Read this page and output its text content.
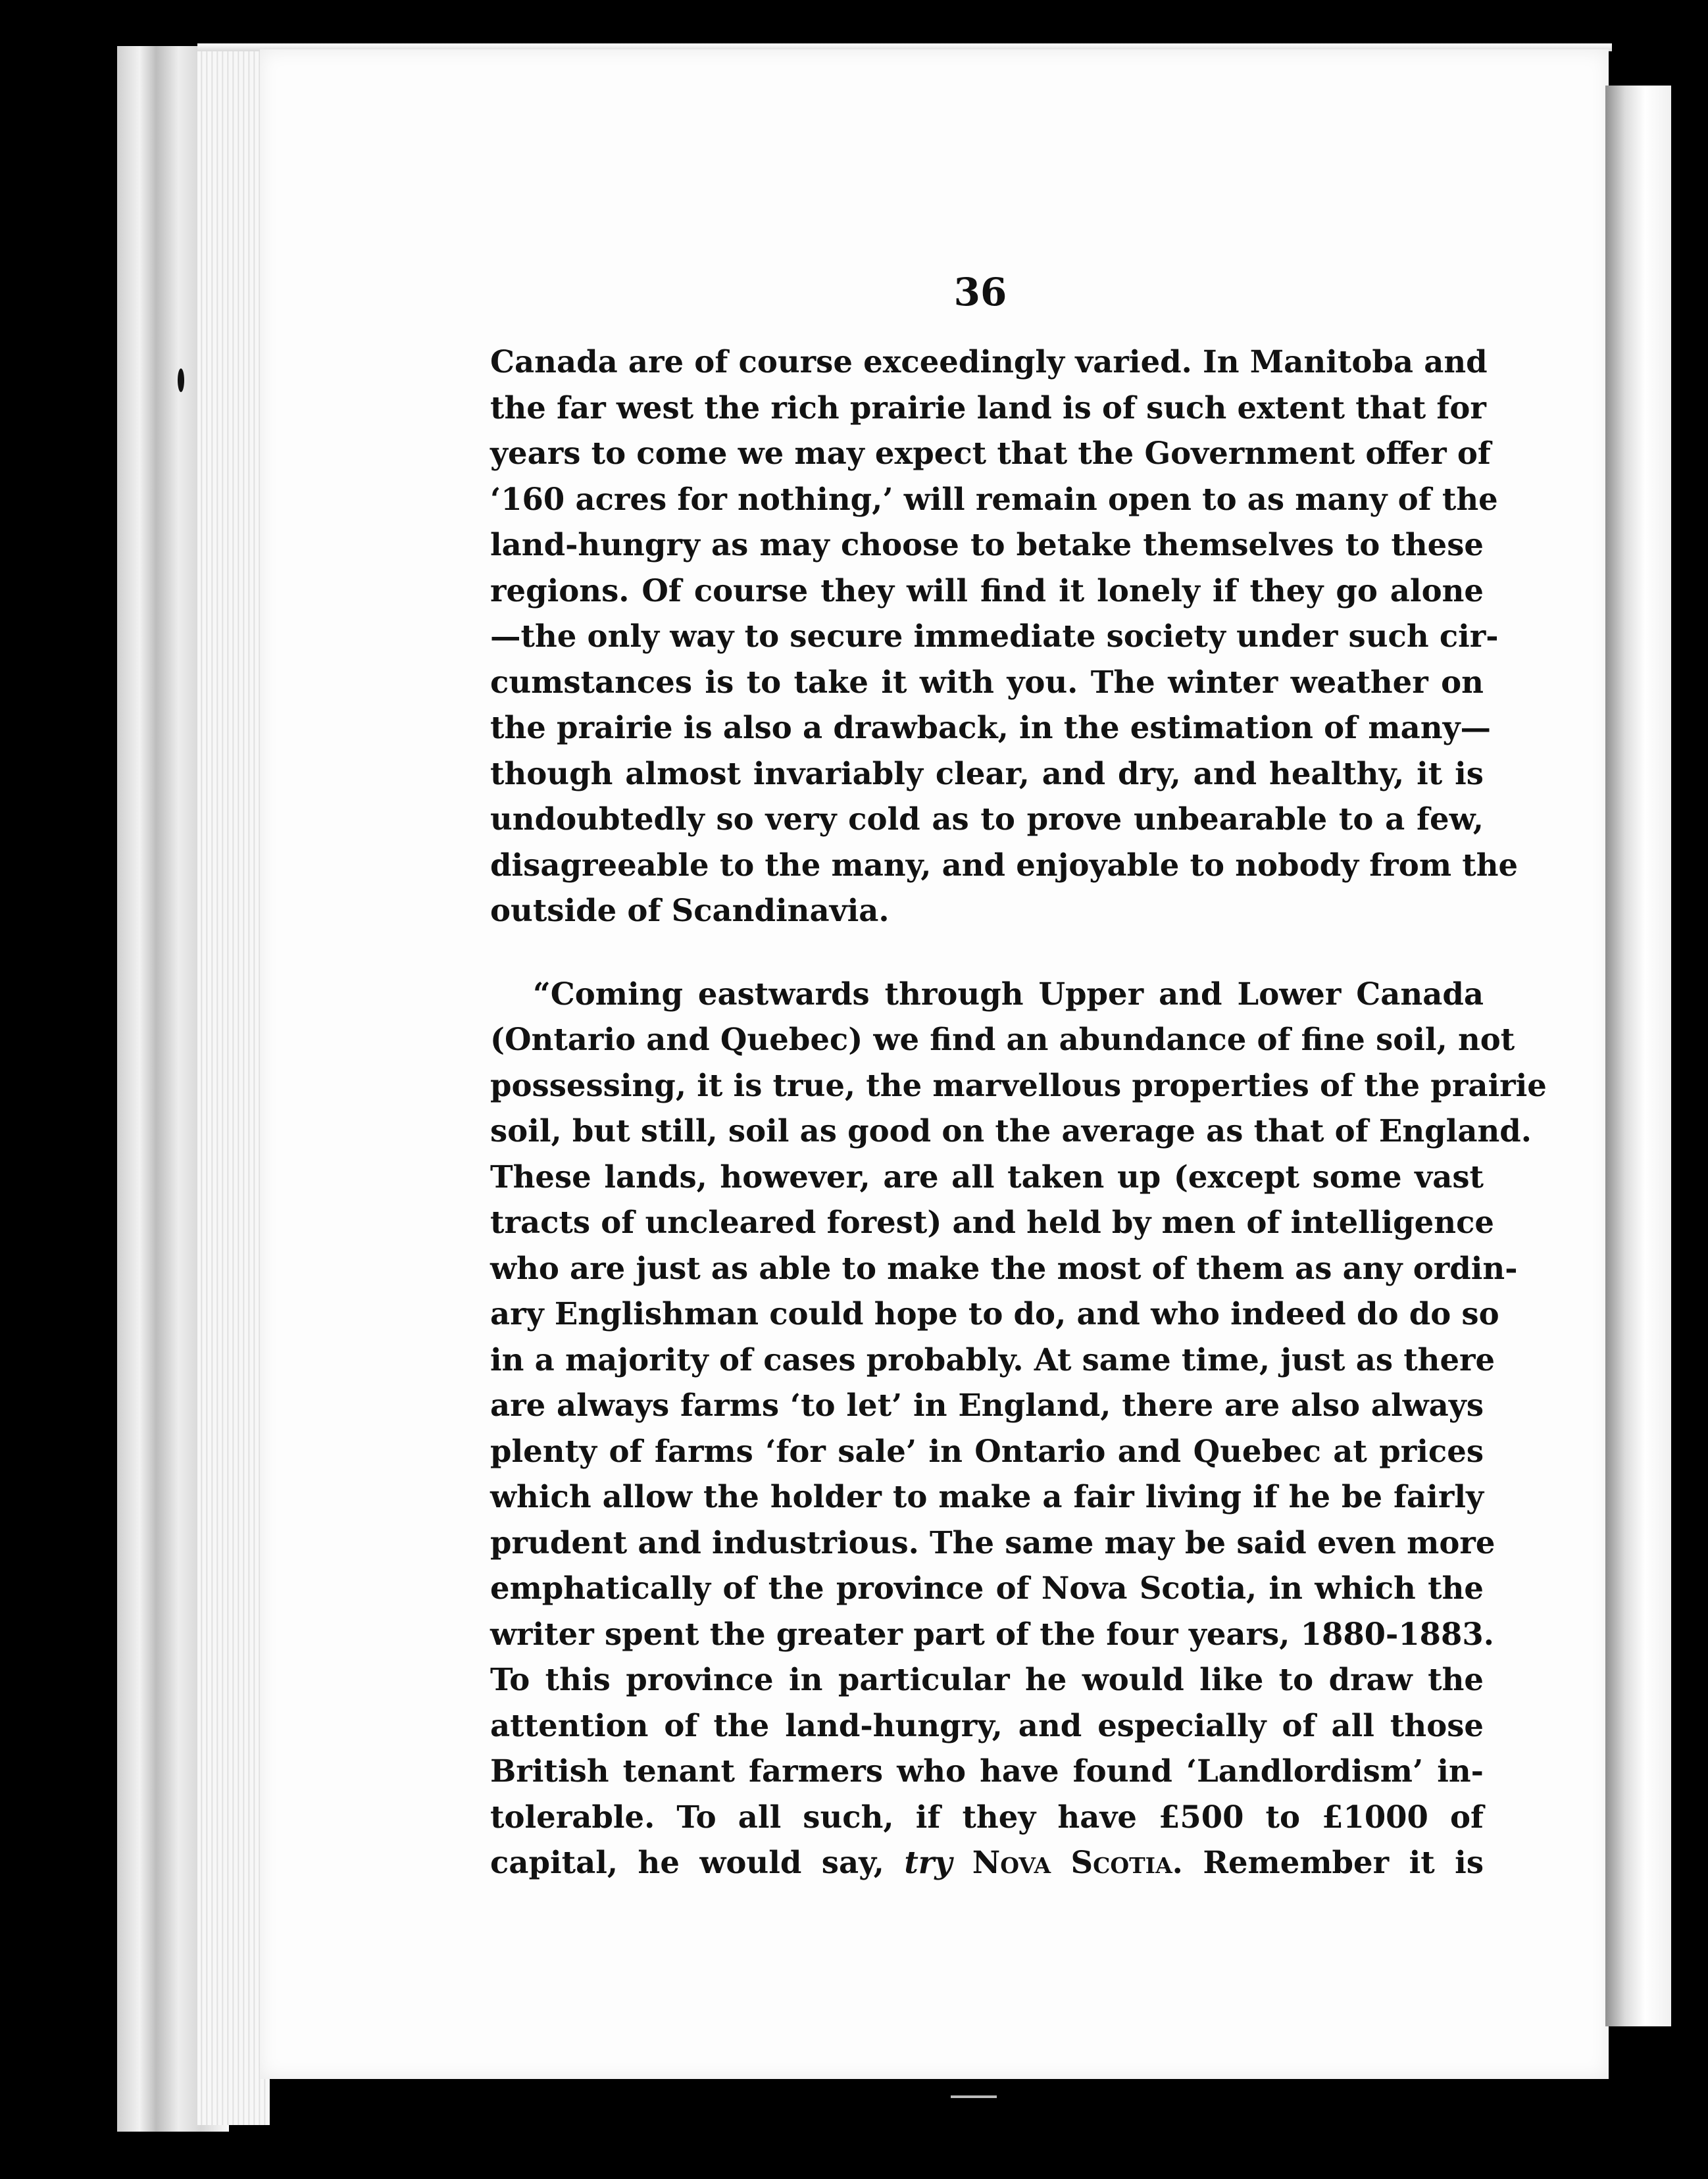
36
Canada are of course exceedingly varied. In Manitoba and
the far west the rich prairie land is of such extent that for
years to come we may expect that the Government offer of
‘160 acres for nothing,’ will remain open to as many of the
land-hungry as may choose to betake themselves to these
regions. Of course they will find it lonely if they go alone
—the only way to secure immediate society under such cir-
cumstances is to take it with you. The winter weather on
the prairie is also a drawback, in the estimation of many—
though almost invariably clear, and dry, and healthy, it is
undoubtedly so very cold as to prove unbearable to a few,
disagreeable to the many, and enjoyable to nobody from the
outside of Scandinavia.
“Coming eastwards through Upper and Lower Canada
(Ontario and Quebec) we find an abundance of fine soil, not
possessing, it is true, the marvellous properties of the prairie
soil, but still, soil as good on the average as that of England.
These lands, however, are all taken up (except some vast
tracts of uncleared forest) and held by men of intelligence
who are just as able to make the most of them as any ordin-
ary Englishman could hope to do, and who indeed do do so
in a majority of cases probably. At same time, just as there
are always farms ‘to let’ in England, there are also always
plenty of farms ‘for sale’ in Ontario and Quebec at prices
which allow the holder to make a fair living if he be fairly
prudent and industrious. The same may be said even more
emphatically of the province of Nova Scotia, in which the
writer spent the greater part of the four years, 1880-1883.
To this province in particular he would like to draw the
attention of the land-hungry, and especially of all those
British tenant farmers who have found ‘Landlordism’ in-
tolerable. To all such, if they have £500 to £1000 of
capital, he would say, try Nova Scotia. Remember it is
